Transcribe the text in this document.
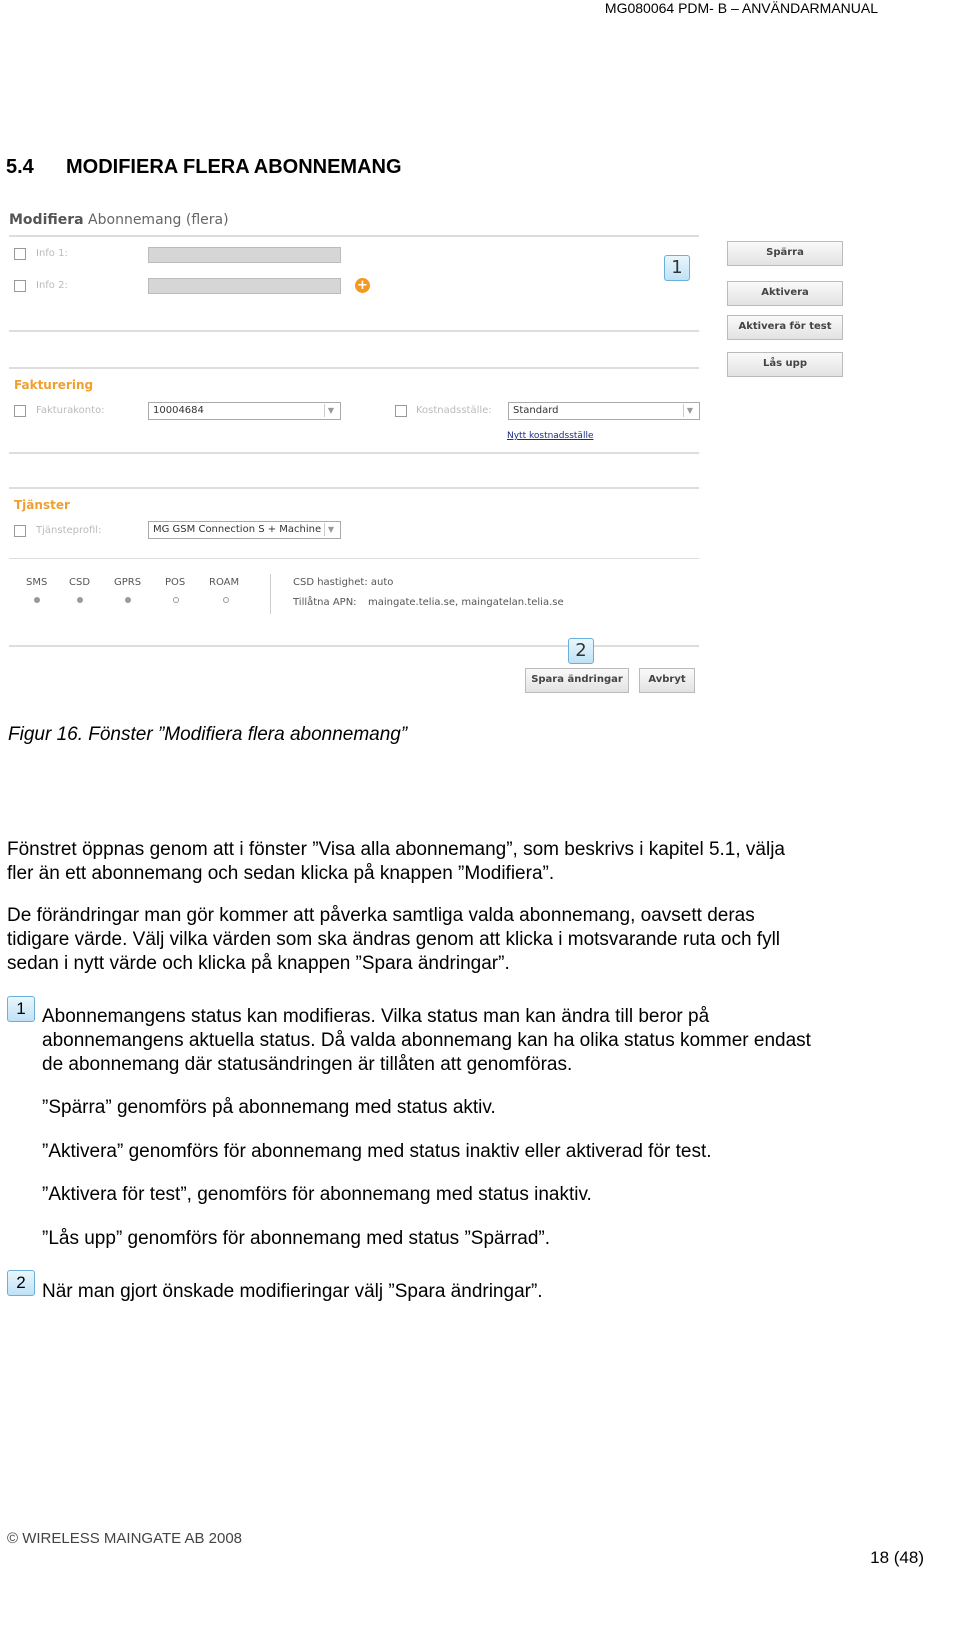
MG080064 PDM- B – ANVÄNDARMANUAL
5.4 MODIFIERA FLERA ABONNEMANG
Modifiera Abonnemang (flera)
Info 1:
Info 2:	+
1
Spärra
Aktivera
Aktivera för test
Lås upp
Fakturering
Fakturakonto:	10004684	▼	Kostnadsställe:	Standard	▼
Nytt kostnadsställe
Tjänster
Tjänsteprofil:	MG GSM Connection S + Machine ▼
SMS CSD GPRS POS ROAM	CSD hastighet: auto
Tillåtna APN: maingate.telia.se, maingatelan.telia.se
2
Spara ändringar	Avbryt
Figur 16. Fönster ”Modifiera flera abonnemang”
Fönstret öppnas genom att i fönster ”Visa alla abonnemang”, som beskrivs i kapitel 5.1, välja
fler än ett abonnemang och sedan klicka på knappen ”Modifiera”.
De förändringar man gör kommer att påverka samtliga valda abonnemang, oavsett deras
tidigare värde. Välj vilka värden som ska ändras genom att klicka i motsvarande ruta och fyll
sedan i nytt värde och klicka på knappen ”Spara ändringar”.
1 Abonnemangens status kan modifieras. Vilka status man kan ändra till beror på
abonnemangens aktuella status. Då valda abonnemang kan ha olika status kommer endast
de abonnemang där statusändringen är tillåten att genomföras.
”Spärra” genomförs på abonnemang med status aktiv.
”Aktivera” genomförs för abonnemang med status inaktiv eller aktiverad för test.
”Aktivera för test”, genomförs för abonnemang med status inaktiv.
”Lås upp” genomförs för abonnemang med status ”Spärrad”.
2 När man gjort önskade modifieringar välj ”Spara ändringar”.
© WIRELESS MAINGATE AB 2008
18 (48)
